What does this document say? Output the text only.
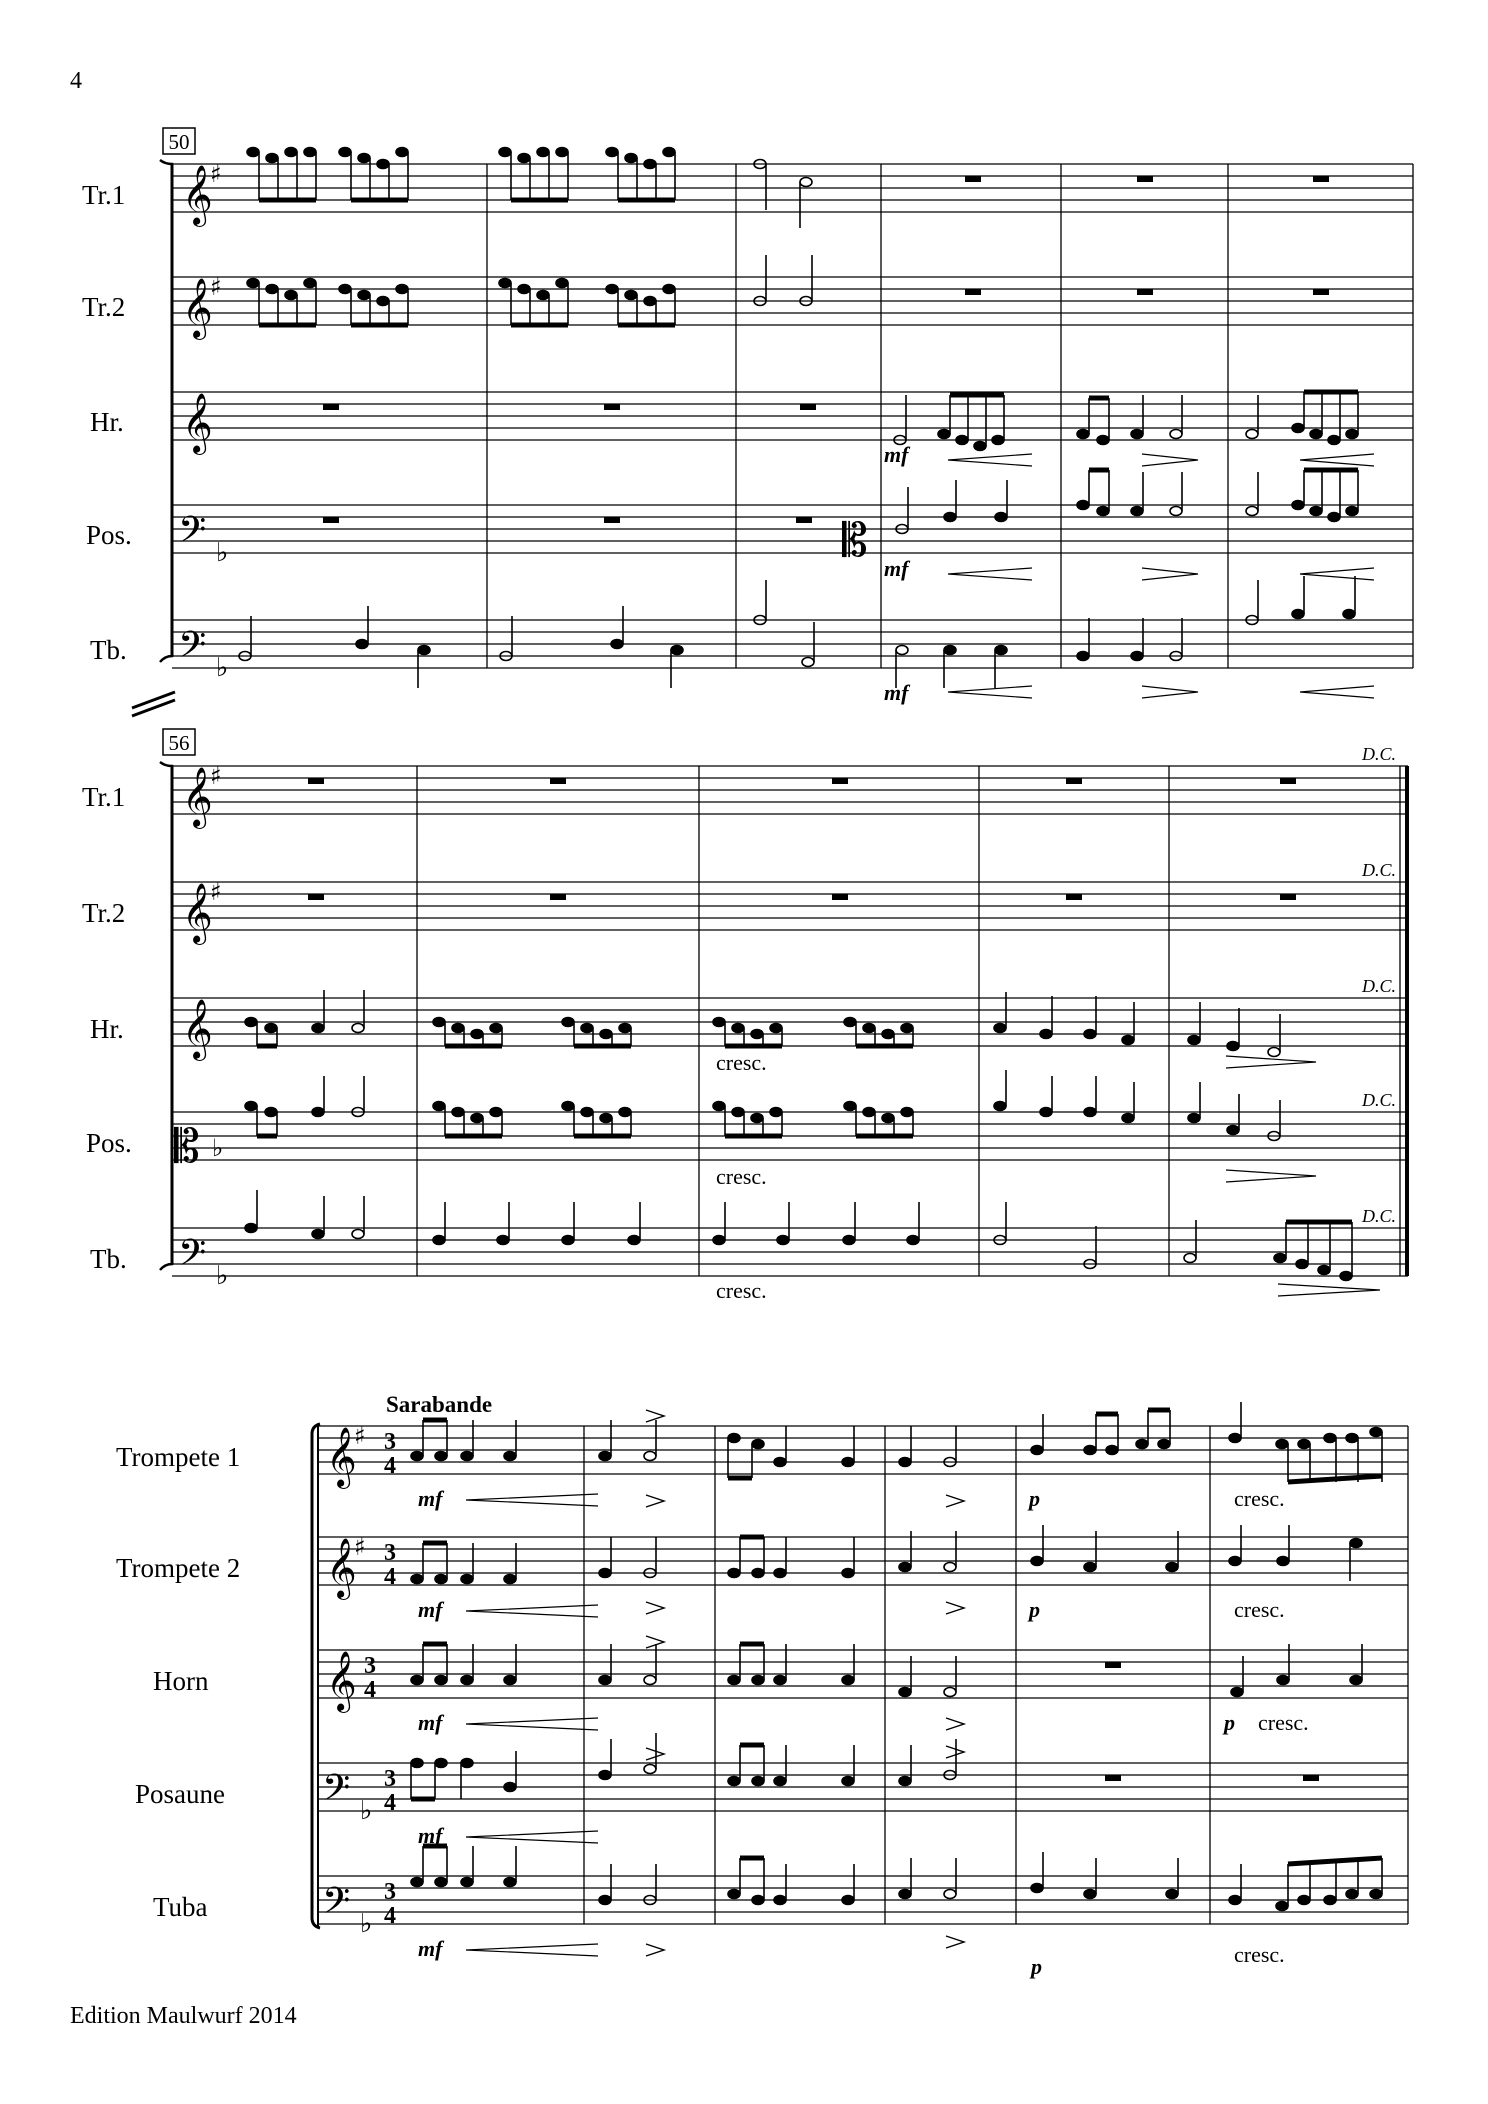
4
Edition Maulwurf 2014
50
Tr.1
Tr.2
Hr.
Pos.
Tb.
𝄞
♯
𝄞
♯
𝄞
𝄢 ♭
𝄢 ♭
𝄡
mf
mf
mf
56
Tr.1
Tr.2
Hr.
Pos.
Tb.
𝄞
♯
𝄞
♯
𝄞
𝄡 ♭
𝄢 ♭
cresc.
cresc.
cresc.
D.C.
D.C.
D.C.
D.C.
D.C.
Sarabande
Trompete 1
Trompete 2
Horn
Posaune
Tuba
𝄞
♯
𝄞
♯
𝄞
𝄢 ♭
𝄢 ♭
3
4
3
4
3
4
3
4
3
4
mf
mf
mf
mf
mf
p
p
p
p
cresc.
cresc.
cresc.
cresc.
